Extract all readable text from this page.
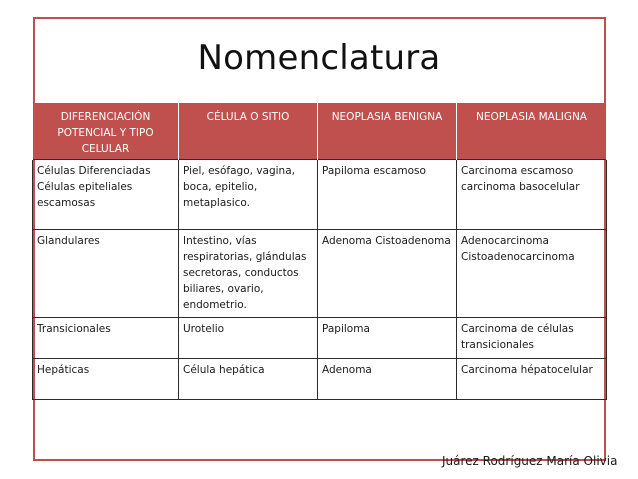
Nomenclatura
DIFERENCIACIÓN POTENCIAL Y TIPO CELULAR	CÉLULA O SITIO	NEOPLASIA BENIGNA	NEOPLASIA MALIGNA
Células Diferenciadas Células epiteliales escamosas	Piel, esófago, vagina, boca, epitelio, metaplasico.	Papiloma escamoso	Carcinoma escamoso carcinoma basocelular
Glandulares	Intestino, vías respiratorias, glándulas secretoras, conductos biliares, ovario, endometrio.	Adenoma Cistoadenoma	Adenocarcinoma Cistoadenocarcinoma
Transicionales	Urotelio	Papiloma	Carcinoma de células transicionales
Hepáticas	Célula hepática	Adenoma	Carcinoma hépatocelular
Juárez Rodríguez María Olivia
